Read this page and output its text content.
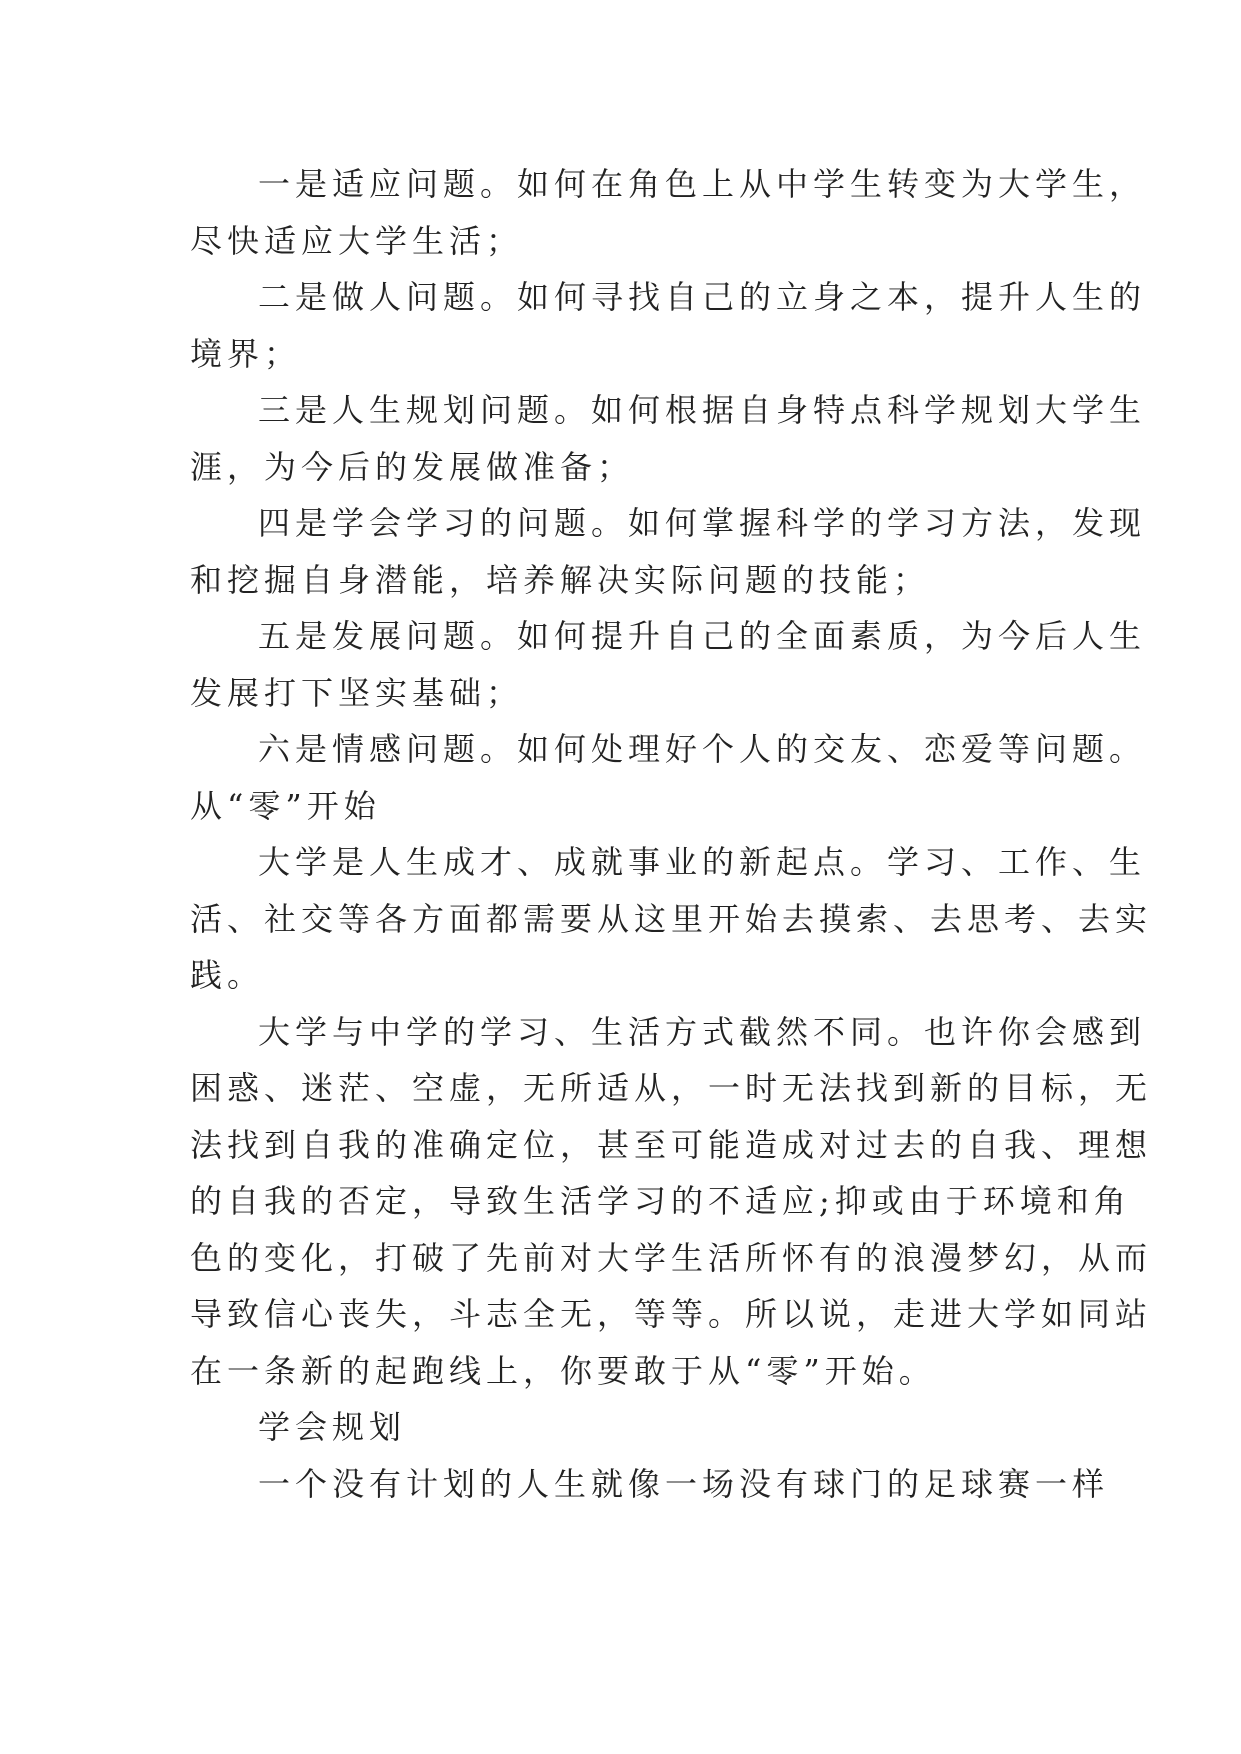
一是适应问题。如何在角色上从中学生转变为大学生，
尽快适应大学生活；
二是做人问题。如何寻找自己的立身之本，提升人生的
境界；
三是人生规划问题。如何根据自身特点科学规划大学生
涯，为今后的发展做准备；
四是学会学习的问题。如何掌握科学的学习方法，发现
和挖掘自身潜能，培养解决实际问题的技能；
五是发展问题。如何提升自己的全面素质，为今后人生
发展打下坚实基础；
六是情感问题。如何处理好个人的交友、恋爱等问题。
从“零”开始
大学是人生成才、成就事业的新起点。学习、工作、生
活、社交等各方面都需要从这里开始去摸索、去思考、去实
践。
大学与中学的学习、生活方式截然不同。也许你会感到
困惑、迷茫、空虚，无所适从，一时无法找到新的目标，无
法找到自我的准确定位，甚至可能造成对过去的自我、理想
的自我的否定，导致生活学习的不适应;抑或由于环境和角
色的变化，打破了先前对大学生活所怀有的浪漫梦幻，从而
导致信心丧失，斗志全无，等等。所以说，走进大学如同站
在一条新的起跑线上，你要敢于从“零”开始。
学会规划
一个没有计划的人生就像一场没有球门的足球赛一样
